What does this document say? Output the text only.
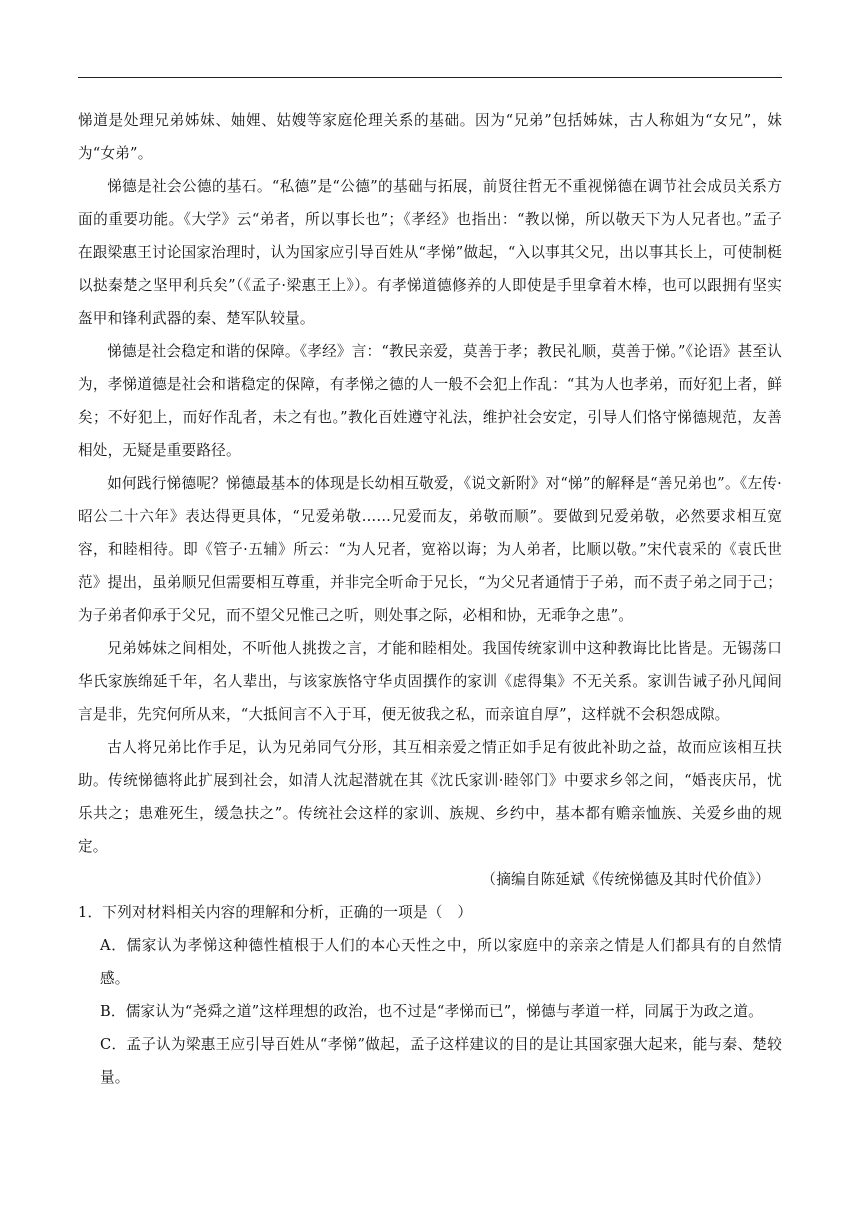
悌道是处理兄弟姊妹、妯娌、姑嫂等家庭伦理关系的基础。因为“兄弟”包括姊妹，古人称姐为“女兄”，妹为“女弟”。

悌德是社会公德的基石。“私德”是“公德”的基础与拓展，前贤往哲无不重视悌德在调节社会成员关系方面的重要功能。《大学》云“弟者，所以事长也”；《孝经》也指出：“教以悌，所以敬天下为人兄者也。”孟子在跟梁惠王讨论国家治理时，认为国家应引导百姓从“孝悌”做起，“入以事其父兄，出以事其长上，可使制梃以挞秦楚之坚甲利兵矣”（《孟子·梁惠王上》）。有孝悌道德修养的人即使是手里拿着木棒，也可以跟拥有坚实盔甲和锋利武器的秦、楚军队较量。

悌德是社会稳定和谐的保障。《孝经》言：“教民亲爱，莫善于孝；教民礼顺，莫善于悌。”《论语》甚至认为，孝悌道德是社会和谐稳定的保障，有孝悌之德的人一般不会犯上作乱：“其为人也孝弟，而好犯上者，鲜矣；不好犯上，而好作乱者，未之有也。”教化百姓遵守礼法，维护社会安定，引导人们恪守悌德规范，友善相处，无疑是重要路径。

如何践行悌德呢？悌德最基本的体现是长幼相互敬爱，《说文新附》对“悌”的解释是“善兄弟也”。《左传·昭公二十六年》表达得更具体，“兄爱弟敬……兄爱而友，弟敬而顺”。要做到兄爱弟敬，必然要求相互宽容，和睦相待。即《管子·五辅》所云：“为人兄者，宽裕以诲；为人弟者，比顺以敬。”宋代袁采的《袁氏世范》提出，虽弟顺兄但需要相互尊重，并非完全听命于兄长，“为父兄者通情于子弟，而不责子弟之同于己；为子弟者仰承于父兄，而不望父兄惟己之听，则处事之际，必相和协，无乖争之患”。

兄弟姊妹之间相处，不听他人挑拨之言，才能和睦相处。我国传统家训中这种教诲比比皆是。无锡荡口华氏家族绵延千年，名人辈出，与该家族恪守华贞固撰作的家训《虑得集》不无关系。家训告诫子孙凡闻间言是非，先究何所从来，“大抵间言不入于耳，便无彼我之私，而亲谊自厚”，这样就不会积怨成隙。

古人将兄弟比作手足，认为兄弟同气分形，其互相亲爱之情正如手足有彼此补助之益，故而应该相互扶助。传统悌德将此扩展到社会，如清人沈起潜就在其《沈氏家训·睦邻门》中要求乡邻之间，“婚丧庆吊，忧乐共之；患难死生，缓急扶之”。传统社会这样的家训、族规、乡约中，基本都有赡亲恤族、关爱乡曲的规定。

（摘编自陈延斌《传统悌德及其时代价值》）

1．下列对材料相关内容的理解和分析，正确的一项是（　）

A．儒家认为孝悌这种德性植根于人们的本心天性之中，所以家庭中的亲亲之情是人们都具有的自然情感。

B．儒家认为“尧舜之道”这样理想的政治，也不过是“孝悌而已”，悌德与孝道一样，同属于为政之道。

C．孟子认为梁惠王应引导百姓从“孝悌”做起，孟子这样建议的目的是让其国家强大起来，能与秦、楚较量。
